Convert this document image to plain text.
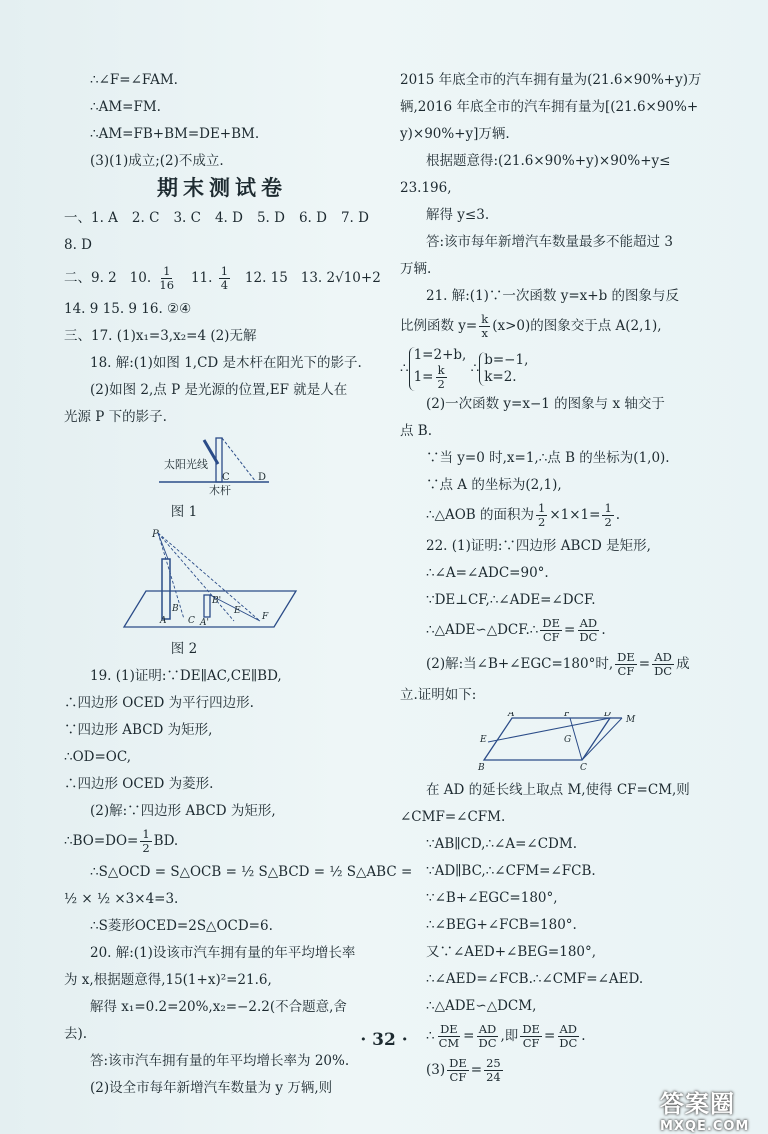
∴∠F=∠FAM.
∴AM=FM.
∴AM=FB+BM=DE+BM.
(3)(1)成立;(2)不成立.
期末测试卷
一、1. A 2. C 3. C 4. D 5. D 6. D 7. D
8. D
二、9. 2 10. $\frac{1}{16} 11$. $\frac{1}{4} 12$. 15 13. 2√10+2
14. 9 15. 9 16. ②④
三、17. (1)x₁=3,x₂=4 (2)无解
18. 解:(1)如图 1,CD 是木杆在阳光下的影子.
(2)如图 2,点 P 是光源的位置,EF 就是人在
光源 P 下的影子.
太阳光线
C	D
木杆
图 1
P
A
B
C A'
B'
E
F
图 2
19. (1)证明:∵DE∥AC,CE∥BD,
∴四边形 OCED 为平行四边形.
∵四边形 ABCD 为矩形,
∴OD=OC,
∴四边形 OCED 为菱形.
(2)解:∵四边形 ABCD 为矩形,
∴BO=DO= $\frac{1}{2}$ BD.
∴S△OCD = S△OCB = ½ S△BCD = ½ S△ABC =
½ × ½ ×3×4=3.
∴S菱形OCED=2S△OCD=6.
20. 解:(1)设该市汽车拥有量的年平均增长率
为 x,根据题意得,15(1+x)²=21.6,
解得 x₁=0.2=20%,x₂=−2.2(不合题意,舍
去).
答:该市汽车拥有量的年平均增长率为 20%.
(2)设全市每年新增汽车数量为 y 万辆,则
2015 年底全市的汽车拥有量为(21.6×90%+y)万
辆,2016 年底全市的汽车拥有量为[(21.6×90%+
y)×90%+y]万辆.
根据题意得:(21.6×90%+y)×90%+y≤
23.196,
解得 y≤3.
答:该市每年新增汽车数量最多不能超过 3
万辆.
21. 解:(1)∵一次函数 y=x+b 的图象与反
比例函数 $y= \frac{k}{x} (x>0)$的图象交于点 A(2,1),
∴
1=2+b,
$1= \frac{k}{2}$ ∴
b=−1,
k=2.
(2)一次函数 y=x−1 的图象与 x 轴交于
点 B.
∵当 y=0 时,x=1,∴点 B 的坐标为(1,0).
∵点 A 的坐标为(2,1),
∴△AOB 的面积为 $\frac{1}{2} \times 1\times 1= \frac{1}{2}$ .
22. (1)证明:∵四边形 ABCD 是矩形,
∴∠A=∠ADC=90°.
∵DE⊥CF,∴∠ADE=∠DCF.
∴△ADE∽△DCF.∴ $\frac{DE}{CF} = \frac{AD}{DC}$ .
(2)解:当∠B+∠EGC=180°时, $\frac{DE}{CF} = \frac{AD}{DC}$ 成
立.证明如下:
A	F	D
M
G
E
B	C
在 AD 的延长线上取点 M,使得 CF=CM,则
∠CMF=∠CFM.
∵AB∥CD,∴∠A=∠CDM.
∵AD∥BC,∴∠CFM=∠FCB.
∵∠B+∠EGC=180°,
∴∠BEG+∠FCB=180°.
又∵∠AED+∠BEG=180°,
∴∠AED=∠FCB.∴∠CMF=∠AED.
∴△ADE∽△DCM,
∴ $\frac{DE}{CM} = \frac{AD}{DC}$ ,即 $\frac{DE}{CF} = \frac{AD}{DC}$ .
$(3) \frac{DE}{CF} = \frac{25}{24}$
· 32 ·
答案圈
MXQE.COM
